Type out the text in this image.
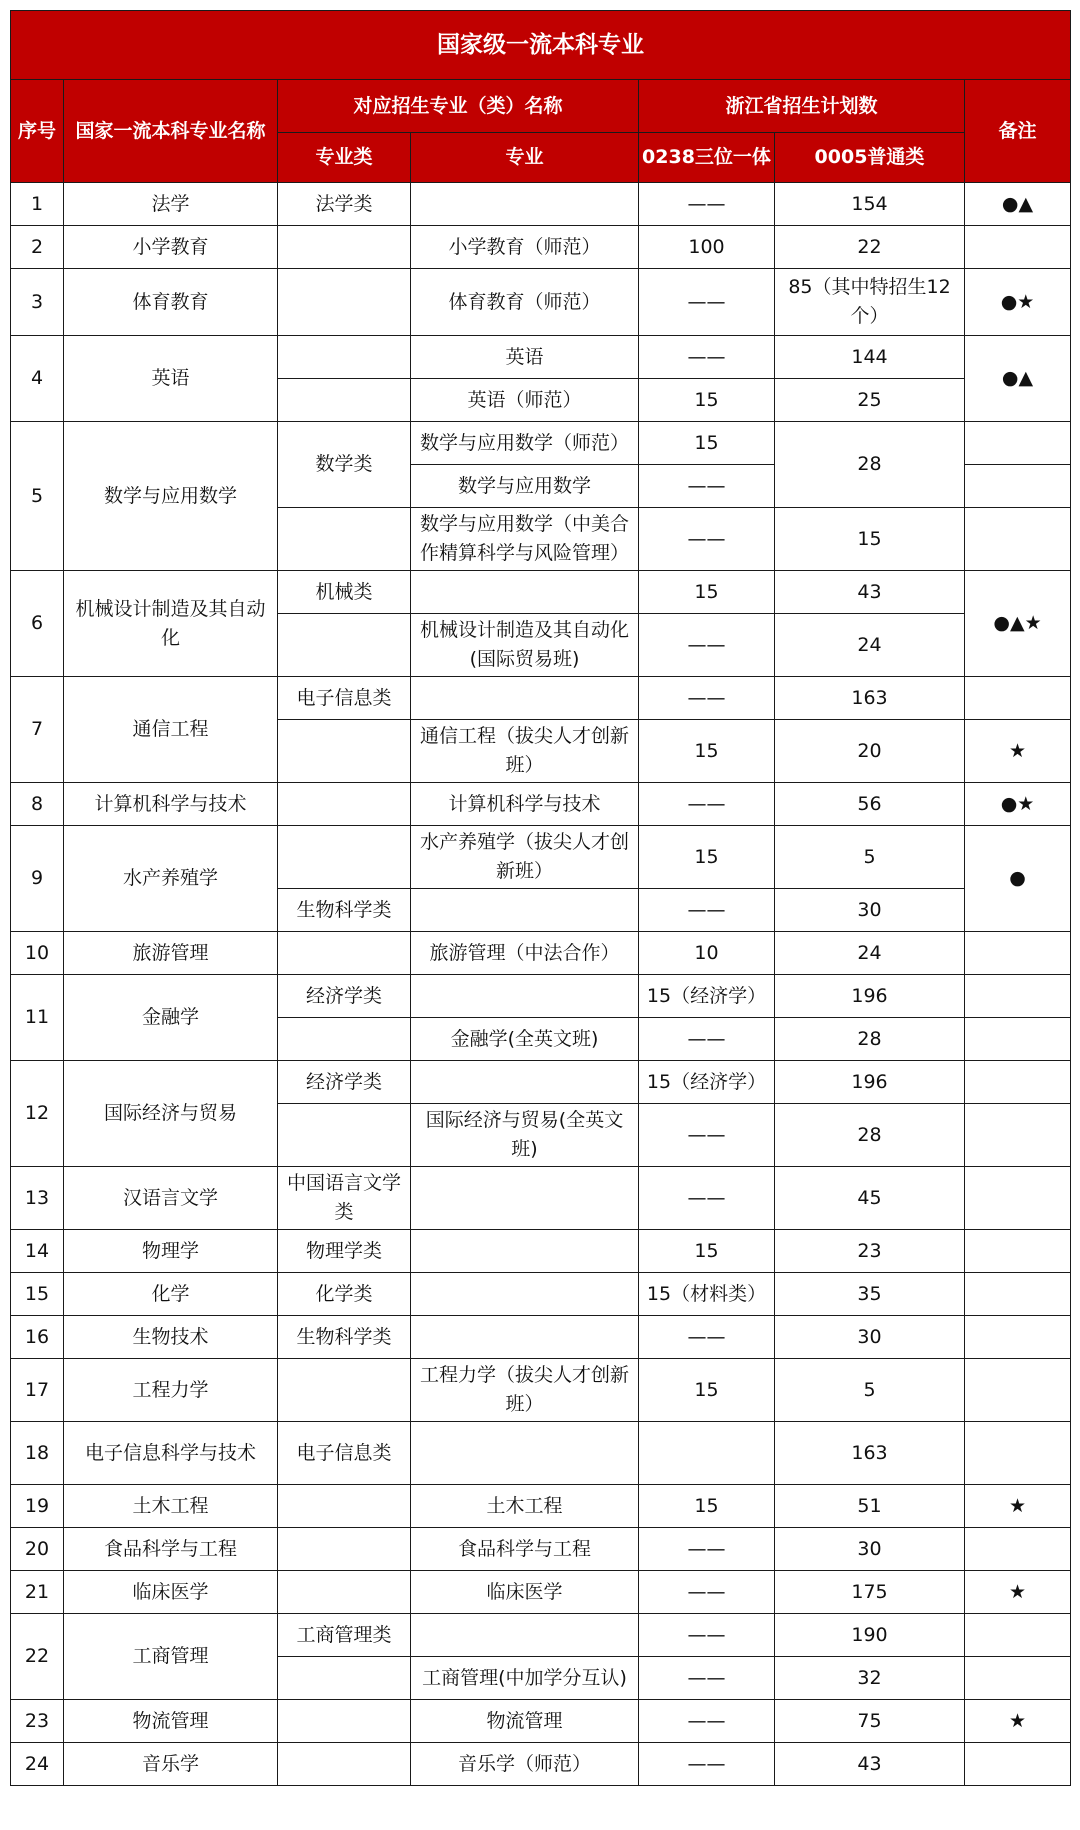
国家级一流本科专业						
序号	国家一流本科专业名称	对应招生专业（类）名称		浙江省招生计划数		备注
		专业类	专业	0238三位一体	0005普通类	
1	法学	法学类		——	154	●▲
2	小学教育		小学教育（师范）	100	22	
3	体育教育		体育教育（师范）	——	85（其中特招生12个）	●★
4	英语		英语	——	144	●▲
			英语（师范）	15	25	
5	数学与应用数学	数学类	数学与应用数学（师范）	15	28	
			数学与应用数学	——		
			数学与应用数学（中美合作精算科学与风险管理）	——	15	
6	机械设计制造及其自动化	机械类		15	43	●▲★
			机械设计制造及其自动化(国际贸易班)	——	24	
7	通信工程	电子信息类		——	163	
			通信工程（拔尖人才创新班）	15	20	★
8	计算机科学与技术		计算机科学与技术	——	56	●★
9	水产养殖学		水产养殖学（拔尖人才创新班）	15	5	●
		生物科学类		——	30	
10	旅游管理		旅游管理（中法合作）	10	24	
11	金融学	经济学类		15（经济学）	196	
			金融学(全英文班)	——	28	
12	国际经济与贸易	经济学类		15（经济学）	196	
			国际经济与贸易(全英文班)	——	28	
13	汉语言文学	中国语言文学类		——	45	
14	物理学	物理学类		15	23	
15	化学	化学类		15（材料类）	35	
16	生物技术	生物科学类		——	30	
17	工程力学		工程力学（拔尖人才创新班）	15	5	
18	电子信息科学与技术	电子信息类			163	
19	土木工程		土木工程	15	51	★
20	食品科学与工程		食品科学与工程	——	30	
21	临床医学		临床医学	——	175	★
22	工商管理	工商管理类		——	190	
			工商管理(中加学分互认)	——	32	
23	物流管理		物流管理	——	75	★
24	音乐学		音乐学（师范）	——	43	
